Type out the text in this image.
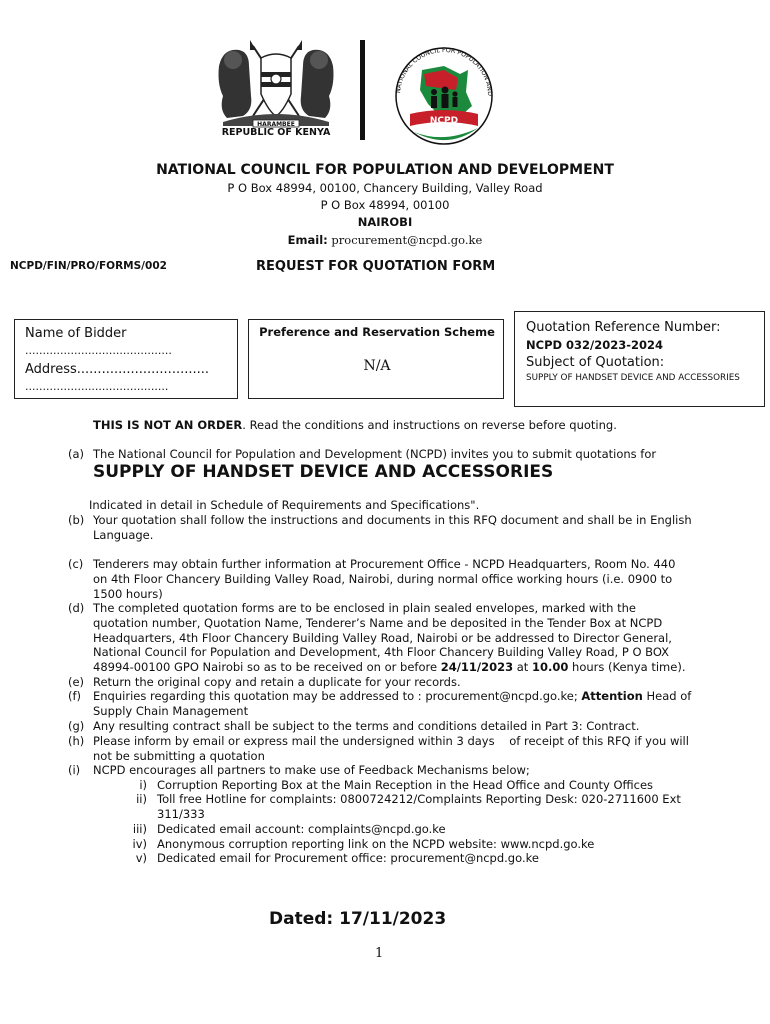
HARAMBEE
REPUBLIC OF KENYA
NATIONAL COUNCIL FOR POPULATION AND
NCPD
NATIONAL COUNCIL FOR POPULATION AND DEVELOPMENT
P O Box 48994, 00100, Chancery Building, Valley Road
P O Box 48994, 00100
NAIROBI
Email: procurement@ncpd.go.ke
NCPD/FIN/PRO/FORMS/002	REQUEST FOR QUOTATION FORM
Name of Bidder
..........................................
Address................................
.........................................
Preference and Reservation Scheme
N/A
Quotation Reference Number:
NCPD 032/2023-2024
Subject of Quotation:
SUPPLY OF HANDSET DEVICE AND ACCESSORIES
THIS IS NOT AN ORDER. Read the conditions and instructions on reverse before quoting.
(a) The National Council for Population and Development (NCPD) invites you to submit quotations for
SUPPLY OF HANDSET DEVICE AND ACCESSORIES
Indicated in detail in Schedule of Requirements and Specifications".
(b) Your quotation shall follow the instructions and documents in this RFQ document and shall be in English Language.
(c) Tenderers may obtain further information at Procurement Office - NCPD Headquarters, Room No. 440 on 4th Floor Chancery Building Valley Road, Nairobi, during normal office working hours (i.e. 0900 to 1500 hours)
(d) The completed quotation forms are to be enclosed in plain sealed envelopes, marked with the quotation number, Quotation Name, Tenderer’s Name and be deposited in the Tender Box at NCPD Headquarters, 4th Floor Chancery Building Valley Road, Nairobi or be addressed to Director General, National Council for Population and Development, 4th Floor Chancery Building Valley Road, P O BOX 48994-00100 GPO Nairobi so as to be received on or before 24/11/2023 at 10.00 hours (Kenya time).
(e) Return the original copy and retain a duplicate for your records.
(f)	Enquiries regarding this quotation may be addressed to : procurement@ncpd.go.ke; Attention Head of Supply Chain Management
(g) Any resulting contract shall be subject to the terms and conditions detailed in Part 3: Contract.
(h) Please inform by email or express mail the undersigned within 3 days    of receipt of this RFQ if you will not be submitting a quotation
(i)	NCPD encourages all partners to make use of Feedback Mechanisms below;
i) Corruption Reporting Box at the Main Reception in the Head Office and County Offices
ii) Toll free Hotline for complaints: 0800724212/Complaints Reporting Desk: 020-2711600 Ext 311/333
iii) Dedicated email account: complaints@ncpd.go.ke
iv) Anonymous corruption reporting link on the NCPD website: www.ncpd.go.ke
v) Dedicated email for Procurement office: procurement@ncpd.go.ke
Dated: 17/11/2023
1
